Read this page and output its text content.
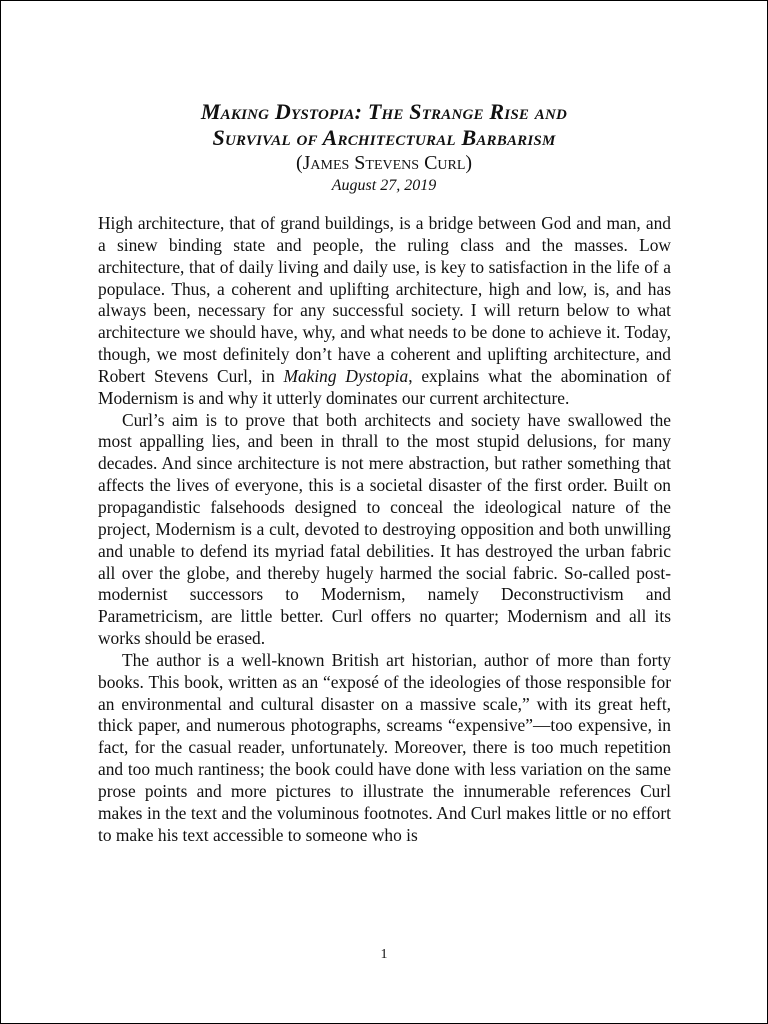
Making Dystopia: The Strange Rise and
Survival of Architectural Barbarism
(James Stevens Curl)
August 27, 2019

High architecture, that of grand buildings, is a bridge between God and man, and a sinew binding state and people, the ruling class and the masses. Low architecture, that of daily living and daily use, is key to satisfaction in the life of a populace. Thus, a coherent and uplifting architecture, high and low, is, and has always been, necessary for any successful society. I will return below to what architecture we should have, why, and what needs to be done to achieve it. Today, though, we most definitely don’t have a coherent and uplifting architecture, and Robert Stevens Curl, in Making Dystopia, explains what the abomination of Modernism is and why it utterly dominates our current architecture.

Curl’s aim is to prove that both architects and society have swallowed the most appalling lies, and been in thrall to the most stupid delusions, for many decades. And since architecture is not mere abstraction, but rather something that affects the lives of everyone, this is a societal disaster of the first order. Built on propagandistic falsehoods designed to conceal the ideological nature of the project, Modernism is a cult, devoted to destroying opposition and both unwilling and unable to defend its myriad fatal debilities. It has destroyed the urban fabric all over the globe, and thereby hugely harmed the social fabric. So-called post-modernist successors to Modernism, namely Deconstructivism and Parametricism, are little better. Curl offers no quarter; Modernism and all its works should be erased.

The author is a well-known British art historian, author of more than forty books. This book, written as an “exposé of the ideologies of those responsible for an environmental and cultural disaster on a massive scale,” with its great heft, thick paper, and numerous photographs, screams “expensive”—too expensive, in fact, for the casual reader, unfortunately. Moreover, there is too much repetition and too much rantiness; the book could have done with less variation on the same prose points and more pictures to illustrate the innumerable references Curl makes in the text and the voluminous footnotes. And Curl makes little or no effort to make his text accessible to someone who is

1
